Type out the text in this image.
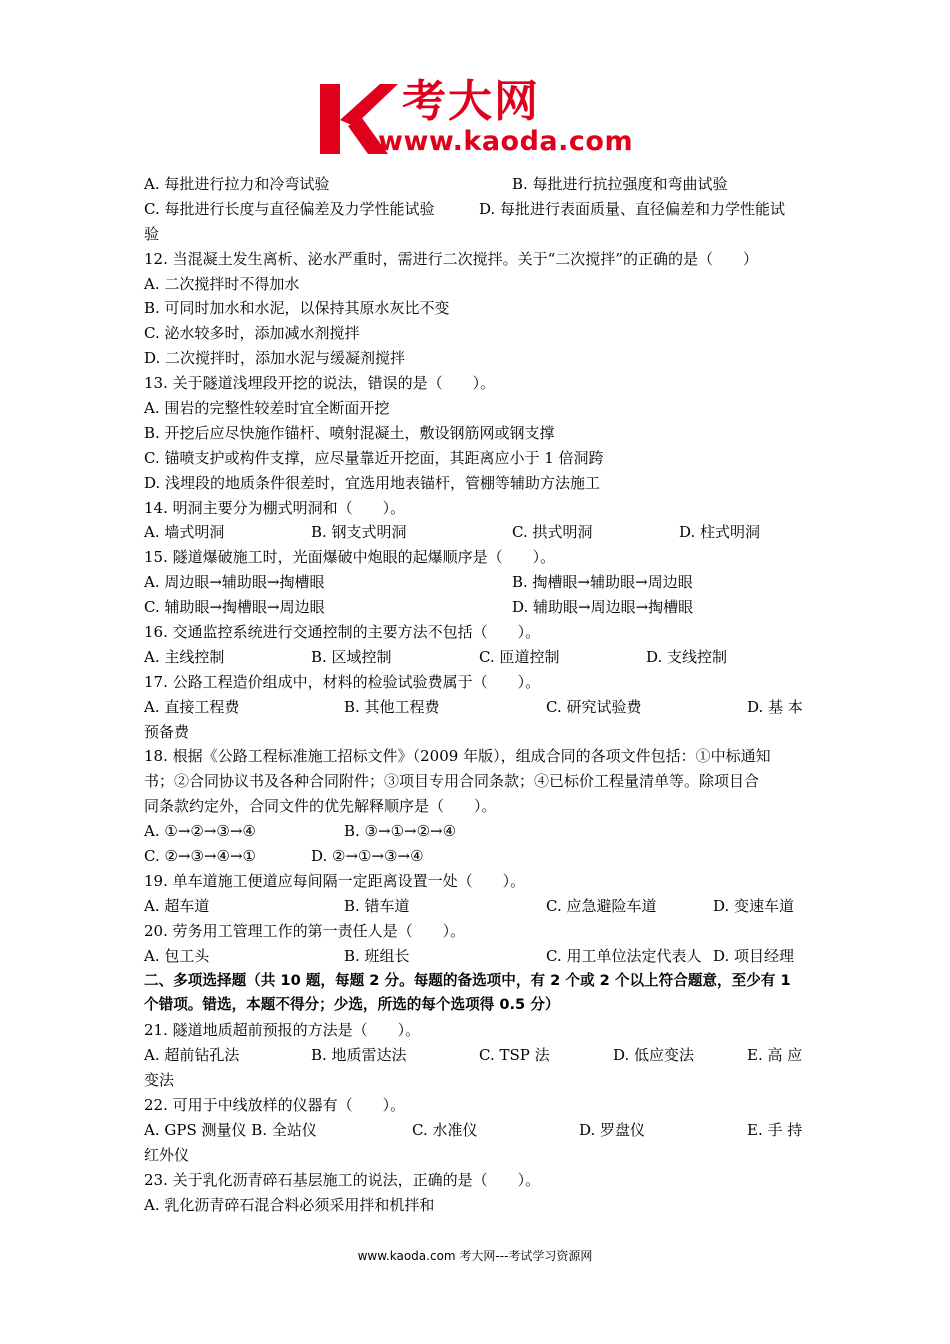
考大网
www.kaoda.com
A. 每批进行拉力和冷弯试验	B. 每批进行抗拉强度和弯曲试验
C. 每批进行长度与直径偏差及力学性能试验	D. 每批进行表面质量、直径偏差和力学性能试
验
12. 当混凝土发生离析、泌水严重时，需进行二次搅拌。关于“二次搅拌”的正确的是（　　）
A. 二次搅拌时不得加水
B. 可同时加水和水泥，以保持其原水灰比不变
C. 泌水较多时，添加减水剂搅拌
D. 二次搅拌时，添加水泥与缓凝剂搅拌
13. 关于隧道浅埋段开挖的说法，错误的是（　　）。
A. 围岩的完整性较差时宜全断面开挖
B. 开挖后应尽快施作锚杆、喷射混凝土，敷设钢筋网或钢支撑
C. 锚喷支护或构件支撑，应尽量靠近开挖面，其距离应小于 1 倍洞跨
D. 浅埋段的地质条件很差时，宜选用地表锚杆，管棚等辅助方法施工
14. 明洞主要分为棚式明洞和（　　）。
A. 墙式明洞	B. 钢支式明洞	C. 拱式明洞	D. 柱式明洞
15. 隧道爆破施工时，光面爆破中炮眼的起爆顺序是（　　）。
A. 周边眼→辅助眼→掏槽眼	B. 掏槽眼→辅助眼→周边眼
C. 辅助眼→掏槽眼→周边眼	D. 辅助眼→周边眼→掏槽眼
16. 交通监控系统进行交通控制的主要方法不包括（　　）。
A. 主线控制	B. 区域控制	C. 匝道控制	D. 支线控制
17. 公路工程造价组成中，材料的检验试验费属于（　　）。
A. 直接工程费	B. 其他工程费	C. 研究试验费	D. 基 本
预备费
18. 根据《公路工程标准施工招标文件》（2009 年版），组成合同的各项文件包括：①中标通知
书；②合同协议书及各种合同附件；③项目专用合同条款；④已标价工程量清单等。除项目合
同条款约定外，合同文件的优先解释顺序是（　　）。
A. ①→②→③→④	B. ③→①→②→④
C. ②→③→④→①	D. ②→①→③→④
19. 单车道施工便道应每间隔一定距离设置一处（　　）。
A. 超车道	B. 错车道	C. 应急避险车道	D. 变速车道
20. 劳务用工管理工作的第一责任人是（　　）。
A. 包工头	B. 班组长	C. 用工单位法定代表人 D. 项目经理
二、多项选择题（共 10 题，每题 2 分。每题的备选项中，有 2 个或 2 个以上符合题意，至少有 1
个错项。错选，本题不得分；少选，所选的每个选项得 0.5 分）
21. 隧道地质超前预报的方法是（　　）。
A. 超前钻孔法	B. 地质雷达法	C. TSP 法	D. 低应变法	E. 高 应
变法
22. 可用于中线放样的仪器有（　　）。
A. GPS 测量仪 B. 全站仪	C. 水准仪	D. 罗盘仪	E. 手 持
红外仪
23. 关于乳化沥青碎石基层施工的说法，正确的是（　　）。
A. 乳化沥青碎石混合料必须采用拌和机拌和
www.kaoda.com 考大网---考试学习资源网
